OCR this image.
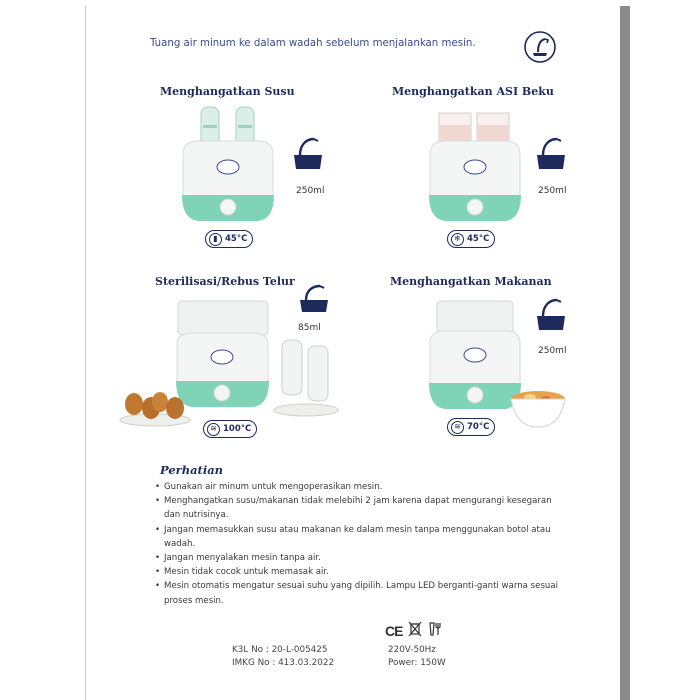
Tuang air minum ke dalam wadah sebelum menjalankan mesin.
Menghangatkan Susu
250ml
▮ 45°C
Menghangatkan ASI Beku
250ml
❄ 45°C
Sterilisasi/Rebus Telur
85ml
≋ 100°C
Menghangatkan Makanan
250ml
≋ 70°C
Perhatian
• Gunakan air minum untuk mengoperasikan mesin.
• Menghangatkan susu/makanan tidak melebihi 2 jam karena dapat mengurangi kesegaran dan nutrisinya.
• Jangan memasukkan susu atau makanan ke dalam mesin tanpa menggunakan botol atau wadah.
• Jangan menyalakan mesin tanpa air.
• Mesin tidak cocok untuk memasak air.
• Mesin otomatis mengatur sesuai suhu yang dipilih. Lampu LED berganti-ganti warna sesuai proses mesin.
K3L No : 20-L-005425
IMKG No : 413.03.2022
220V-50Hz
Power: 150W
CE
